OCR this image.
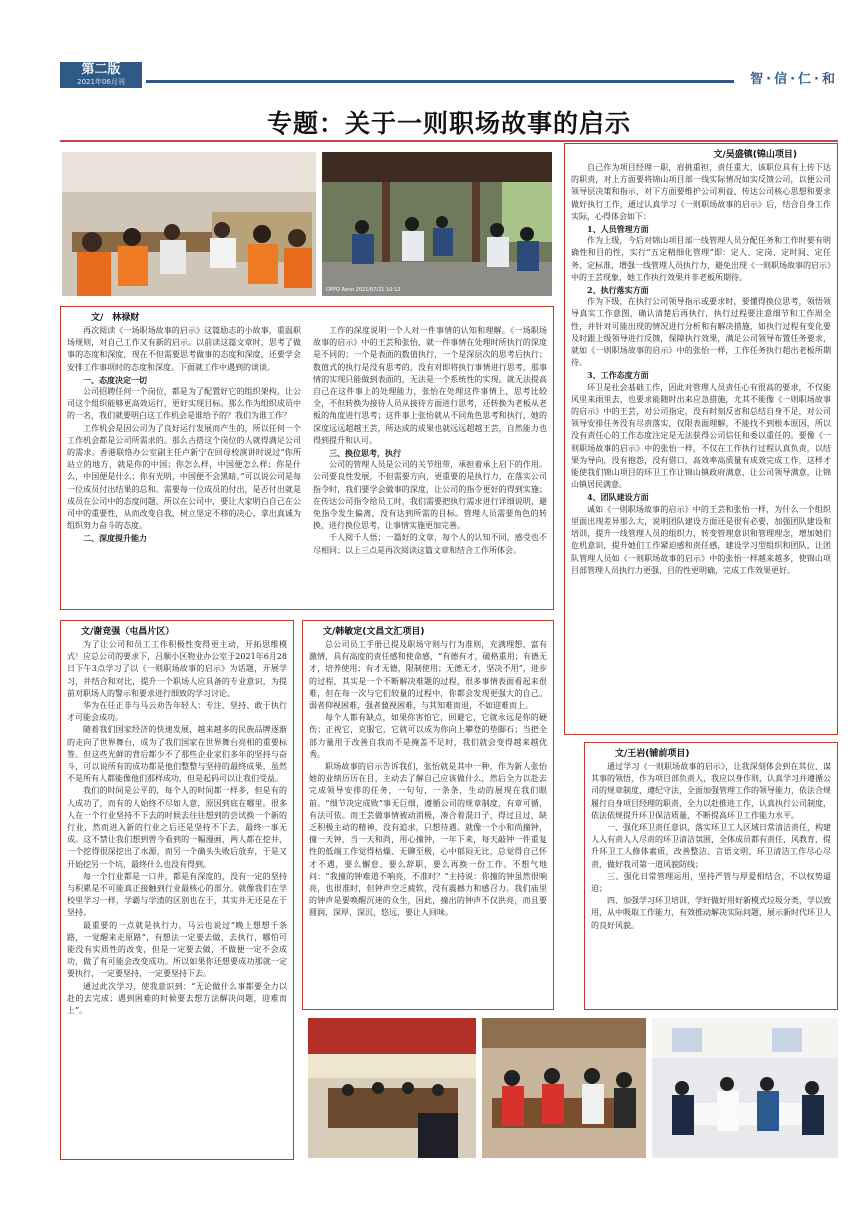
第二版
2021年06月刊	智·信·仁·和
专题：关于一则职场故事的启示
OPPO Reno 2021/07/21 10:12
文/　林禄财

再次阅读《一场职场故事的启示》这篇励志的小故事，重温职场规则，对自己工作又有新的启示。以前读这篇文章时，思考了做事的态度和深度，现在不但需要思考做事的态度和深度，还要学会安排工作事项时的态度和深度。下面就工作中遇到的谈谈。

一、态度决定一切

公司招聘任何一个岗位，都是为了配置好它的组织架构，让公司这个组织能够更高效运行，更好实现目标。那么作为组织成员中的一名，我们就要明白这工作机会是谁给予的？我们为谁工作？

工作机会是因公司为了良好运行发展而产生的，所以任何一个工作机会都是公司所需求的。那么古搭这个岗位的人就得满足公司的需求。香港联络办公室副主任卢新宁在回母校演讲时说过“你所站立的地方，就是你的中国；你怎么样，中国便怎么样；你是什么，中国便是什么；你有光明，中国便不会黑暗。”可以说公司是每一位成员付出结果的总和。需要每一位成员的付出，是否付出就是成员在公司中的态度问题，所以在公司中，要让大家明白自己在公司中的重要性，从而改变自我，树立坚定不移的决心，拿出真诚为组织努力奋斗的态度。

二、深度提升能力

工作的深度说明一个人对一件事情的认知和理解。《一场职场故事的启示》中的王芸和张怡，就一件事情在处理时所执行的深度是不同的；一个是表面的数值执行，一个是深层次的思考后执行；数值式的执行是没有思考的，没有对即将执行事情进行思考，那事情的实现只能做到表面的，无法是一个系统性的实现。就无法提高自己在这件事上的处理能力，张怡在处理这件事情上，思考比较全，不但转换为接待人员从接待方面进行思考，还转换为老板从老板的角度进行思考；这件事上张怡就从不同角色思考和执行，她的深度远远超越王芸，所达成的成果也就远远超越王芸，自然能力也得到提升和认可。

三、换位思考，执行

公司的管理人员是公司的关节纽带，承担着承上启下的作用。公司要良性发展，不但需要方向，更重要的是执行力，在落实公司指令时，我们要学会做事的深度，让公司的指令更好的得到实施；在传达公司指令给员工时，我们需要把执行需求进行详细说明，避免指令发生偏离，没有达到所需的目标。管理人员需要角色的转换，进行换位思考，让事情实施更加完善。

千人阅千人悟；一篇好的文章，每个人的认知不同，感受也不尽相同；以上三点是再次阅读这篇文章和结合工作所体会。

文/吴盛镇(锦山项目)

自己作为项目经理一职，肩挑重担，责任重大，该职位具有上传下达的职责，对上方面要将锦山项目部一线实际情况如实反馈公司，以便公司领导层决策和指示，对下方面要维护公司利益、传达公司核心思想和要求做好执行工作，通过认真学习《一则职场故事的启示》后，结合自身工作实际，心得体会如下：

1、人员管理方面

作为上级，今后对锦山项目部一线管理人员分配任务和工作时要有明确性和目的性，实行“五定精细化管理”即：定人、定岗、定时间、定任务、定标准，增强一线管理人员执行力，避免出现《一则职场故事的启示》中的王芸现象，她工作执行效果并非老板所期待。

2、执行落实方面

作为下级，在执行公司领导指示或要求时，要懂得换位思考，领悟领导真实工作意图，确认清楚后再执行，执行过程要注意细节和工作周全性，并针对可能出现的情况进行分析和有解决措施，如执行过程有变化要及时跟上级领导进行反馈，保障执行效果，满足公司领导布置任务要求，就如《一则职场故事的启示》中的张怡一样，工作任务执行超出老板所期待。

3、工作态度方面

环卫是社会基础工作，因此对管理人员责任心有很高的要求，不仅能风里来雨里去，也要求能随时出来应急措施，尤其不能像《一则职场故事的启示》中的王芸，对公司指定，没有时刻反省和总结自身不足，对公司领导安排任务没有尽责落实，仅限表面理解，不能找不到根本原因，所以没有责任心的工作态度注定是无法获得公司信任和委以重任的。要像《一则职场故事的启示》中的张怡一样，不仅在工作执行过程认真负责，以结果为导向，没有抱怨，没有借口，高效率高质量有成效完成工作，这样才能使我们锦山项目的环卫工作让锦山镇政府满意、让公司领导满意，让锦山镇居民满意。

4、团队建设方面

诚如《一则职场故事的启示》中的王芸和张怡一样，为什么一个组织里面出现差异那么大，说明团队建设方面还是很有必要，加强团队建设和培训，提升一线管理人员的组织力，转变管理意识和管理理念，增加她们危机意识，提升她们工作紧迫感和责任感，建设学习型组织和团队，让团队管理人员如《一则职场故事的启示》中的张怡一样越来越多，使锦山项目部管理人员执行力更强，目的性更明确，完成工作效果更好。

文/谢竞强（屯昌片区）

为了让公司和员工工作积极性变得更主动，开拓思维模式！应总公司的要求下，吕顺小区物业办公室于2021年6月28日下午3点学习了以《一则职场故事的启示》为话题，开展学习，并结合和对比，提升一个职场人应具备的专业意识，为提前对职场人的警示和要求进行细致的学习讨论。

华为在任正非与马云劝告年轻人：专注、坚持、敢于执行才可能会成功。

随着我们国家经济的快速发展，越来越多的民族品牌逐渐的走向了世界舞台，成为了我们国家在世界舞台亮相的重要标签。但这些光鲜的背后都少不了那些企业家们多年的坚持与奋斗，可以说所有的成功都是他们整整与坚持的最终成果，虽然不是所有人都能像他们那样成功，但是起码可以让我们受益。

我们的时间是公平的，每个人的时间都一样多，但是有的人成功了，而有的人始终不尽如人意，原因到底在哪里。很多人在一个行业坚持不下去的时候去往往想到的尝试换一个新的行业，然而进入新的行业之后还是坚持不下去，最终一事无成。这不禁让我们想到曾今看到的一幅漫画，两人都在挖井，一个挖得很深挖出了水源，而另一个确头失败后放弃，于是又开始挖另一个坑，最终什么也没有得到。

每一个行业都是一口井，都是有深度的，没有一定的坚持与积累是不可能真正接触到行业最核心的部分。就像我们在学校里学习一样，学霸与学渣的区别也在于，其实并无还是在于坚持。

最重要的一点就是执行力，马云也说过“晚上想想千条路，一觉醒来走原路”，有想法一定要去做，去执行，哪怕可能没有实质性的改变，但是一定要去做，不做便一定不会成功，做了有可能会改变成功。所以如果你还想要成功那就一定要执行，一定要坚持，一定要坚持下去。

通过此次学习，使我意识到：“无论做什么事都要全力以赴的去完成；遇到困难的时候要去想方法解决问题，迎难而上”。

文/韩敏定(文昌文汇项目)

总公司员工手册已提及职场守则与行为准则，充满理想、富有激情，具有高度的责任感和使命感，“有德有才，破格重用；有德无才，培养使用；有才无德，限制使用；无德无才，坚决不用”，进步的过程，其实是一个不断解决难题的过程，很多事情表面看起来很难，但在每一次与它们较量的过程中，你都会发现更强大的自己。弱者仰视困难，强者藐视困难，与其知难而退，不如迎难而上。

每个人都有缺点，如果你害怕它，回避它，它就永远是你的硬伤；正视它，克服它，它就可以成为你向上攀登的垫脚石；当把全部力量用于改善自我而不是掩盖不足时，我们就会变得越来越优秀。

职场故事的启示告诉我们，张怡就是其中一种，作为新人张怡她的业绩历历在目，主动去了解自己应该做什么，然后全力以赴去完成领导安排的任务，一句句，一条条，生动的展现在我们眼前。“细节决定成败”事无巨细，遵循公司的规章制度，有章可循，有法可依。而王芸做事情被动消极，凑合着混日子，得过且过，缺乏积极主动的精神，没有追求，只想待遇。就像一个小和尚撞钟，撞一天钟，当一天和尚，用心撞钟，一年下来，每天敲钟一件重复性的低端工作觉得枯燥、无聊至极，心中郁闷无比，总觉得自己怀才不遇，要么懈怠，要么辞职，要么再换一份工作。不想气地问：“我撞的钟难道不响亮，不准时？”主持说：你撞的钟虽然很响亮，也很准时，但钟声空乏疲软，没有震撼力和感召力。我们庙里的钟声是要唤醒沉迷的众生，因此，撞出的钟声不仅洪亮，而且要圆润，深厚，深沉，悠远，要让人回味。

文/王岩(铺前项目)

通过学习《一则职场故事的启示》，让我深刻体会到在其位、谋其事的领悟，作为项目部负责人，我应以身作则，认真学习并遵循公司的规章制度，遵纪守法，全面加强管理工作的领导能力，依法合规履行自身项目经理的职责，全力以赴推进工作，认真执行公司制度，依法依规提升环卫保洁质量，不断提高环卫工作能力水平。

一、强化环卫责任意识，落实环卫工人区域日常清洁责任，构建人人有责人人尽责的环卫清洁氛围，全体成员都有责任，风教育，提升环卫工人修体素质，改善整洁、言语文明、环卫清洁工作尽心尽责，做好我司第一道风貌防线；

三、强化日常管理运用，坚持严管与厚爱相结合，不以权势逼迫；

四、加强学习环卫培训，学好做好用好新模式垃圾分类，学以致用，从中吸取工作能力，有效推动解决实际问题，展示新时代环卫人的良好风貌。
